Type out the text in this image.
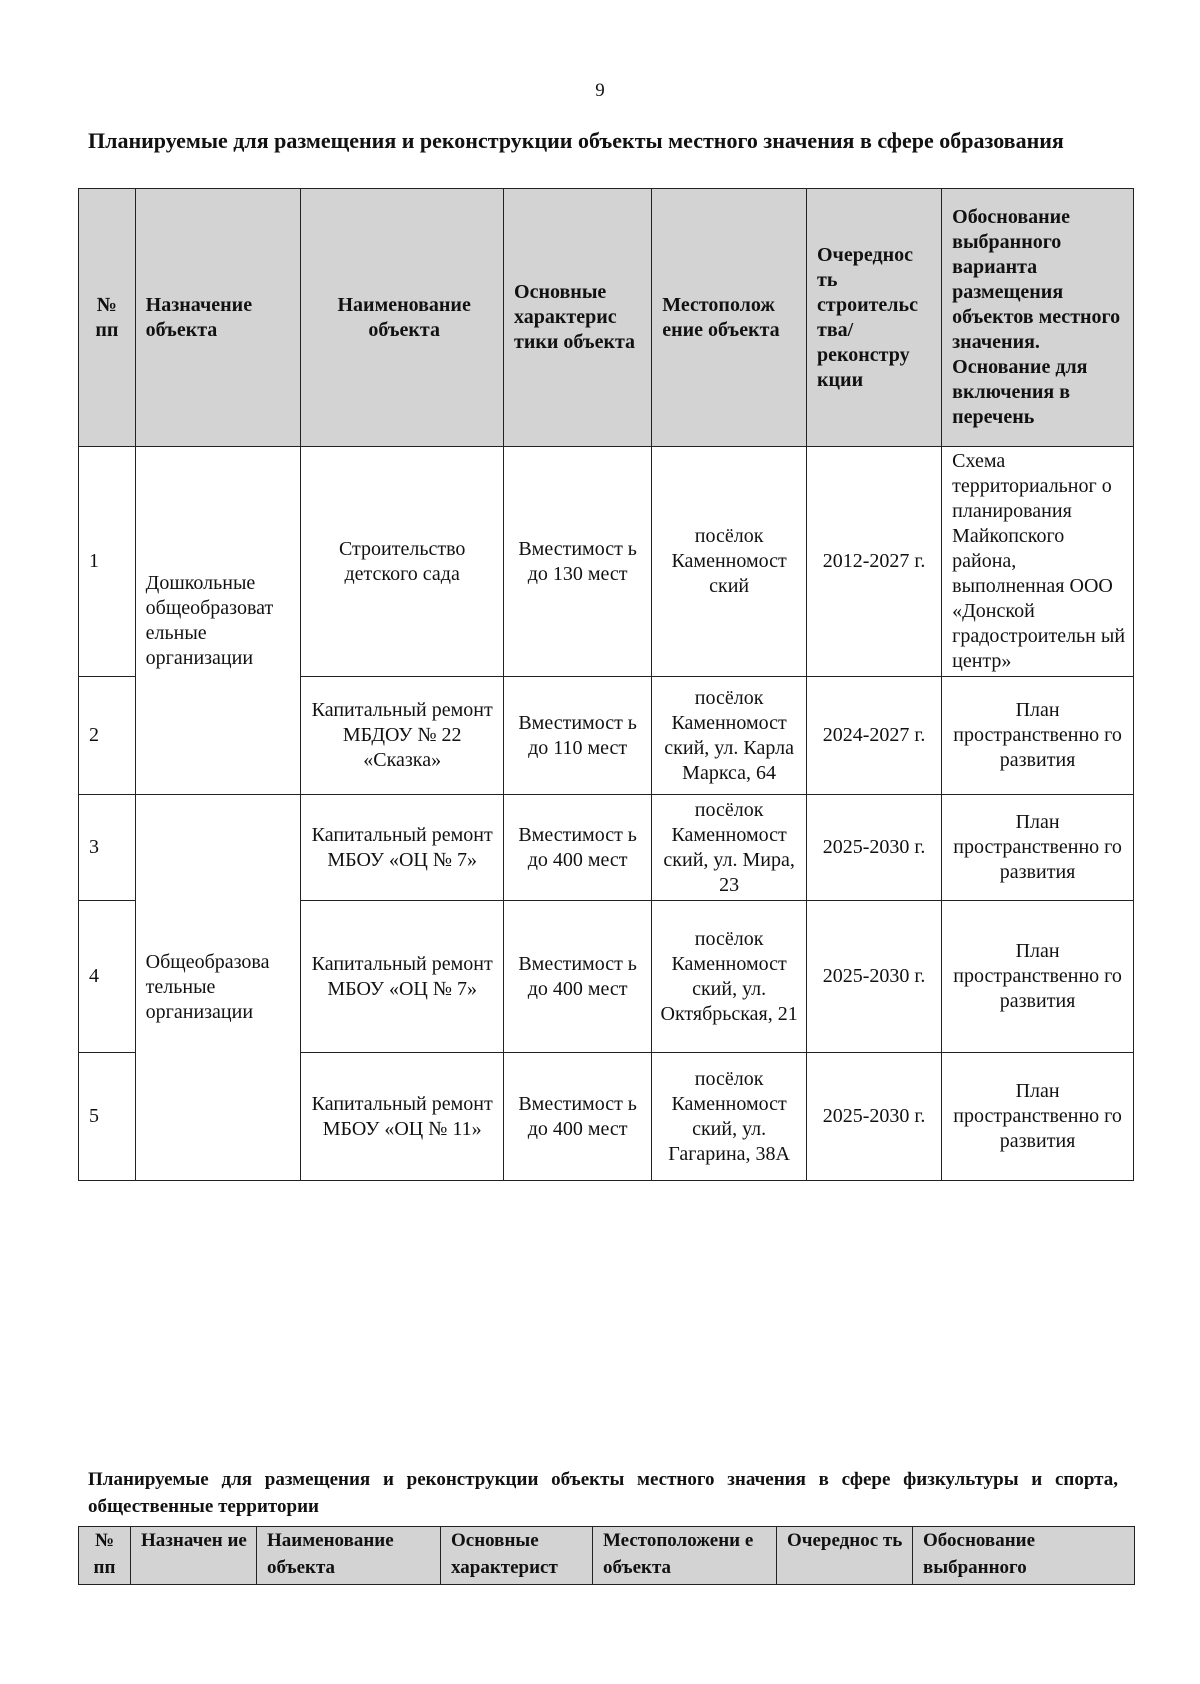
9
Планируемые для размещения и реконструкции объекты местного значения в сфере образования
№ пп	Назначение объекта	Наименование объекта	Основные характерис тики объекта	Местополож ение объекта	Очереднос ть строительс тва/ реконстру кции	Обоснование выбранного варианта размещения объектов местного значения. Основание для включения в перечень
1	Дошкольные общеобразоват ельные организации	Строительство детского сада	Вместимост ь до 130 мест	посёлок Каменномост ский	2012-2027 г.	Схема территориальног о планирования Майкопского района, выполненная ООО «Донской градостроительн ый центр»
2		Капитальный ремонт МБДОУ № 22 «Сказка»	Вместимост ь до 110 мест	посёлок Каменномост ский, ул. Карла Маркса, 64	2024-2027 г.	План пространственно го развития
3	Общеобразова тельные организации	Капитальный ремонт МБОУ «ОЦ № 7»	Вместимост ь до 400 мест	посёлок Каменномост ский, ул. Мира, 23	2025-2030 г.	План пространственно го развития
4		Капитальный ремонт МБОУ «ОЦ № 7»	Вместимост ь до 400 мест	посёлок Каменномост ский, ул. Октябрьская, 21	2025-2030 г.	План пространственно го развития
5		Капитальный ремонт МБОУ «ОЦ № 11»	Вместимост ь до 400 мест	посёлок Каменномост ский, ул. Гагарина, 38А	2025-2030 г.	План пространственно го развития
Планируемые для размещения и реконструкции объекты местного значения в сфере физкультуры и спорта, общественные территории
№ пп	Назначен ие	Наименование объекта	Основные характерист	Местоположени е объекта	Очереднос ть	Обоснование выбранного
